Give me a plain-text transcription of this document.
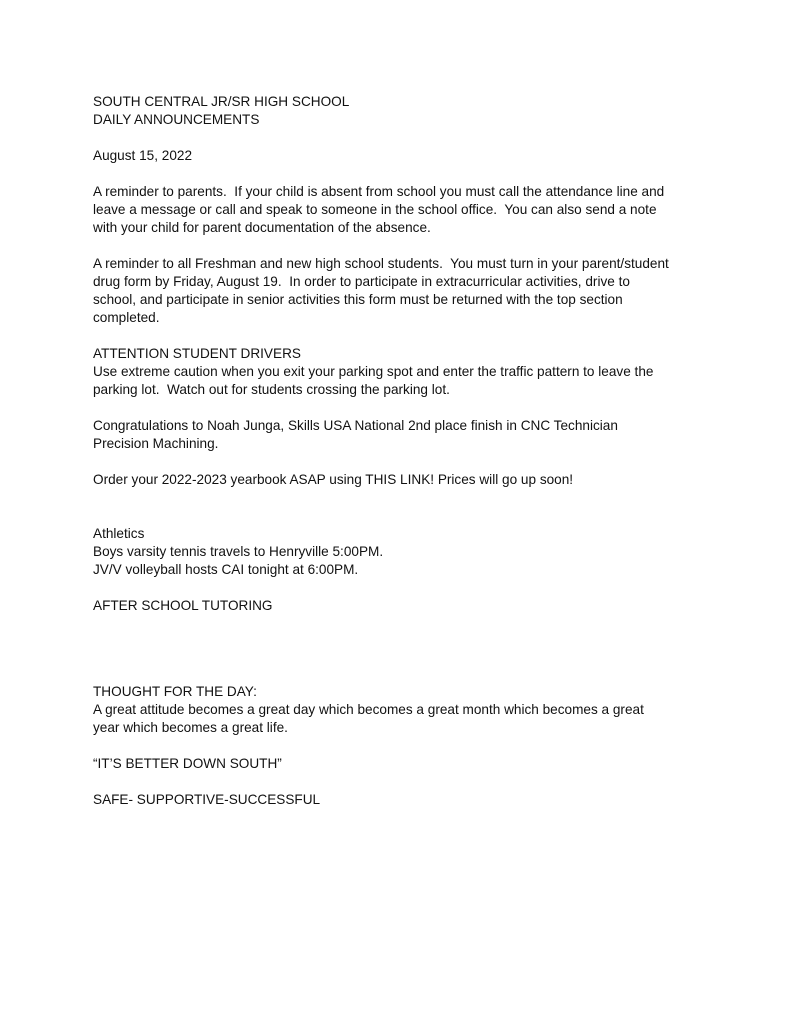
SOUTH CENTRAL JR/SR HIGH SCHOOL
DAILY ANNOUNCEMENTS
August 15, 2022
A reminder to parents.  If your child is absent from school you must call the attendance line and
leave a message or call and speak to someone in the school office.  You can also send a note
with your child for parent documentation of the absence.
A reminder to all Freshman and new high school students.  You must turn in your parent/student
drug form by Friday, August 19.  In order to participate in extracurricular activities, drive to
school, and participate in senior activities this form must be returned with the top section
completed.
ATTENTION STUDENT DRIVERS
Use extreme caution when you exit your parking spot and enter the traffic pattern to leave the
parking lot.  Watch out for students crossing the parking lot.
Congratulations to Noah Junga, Skills USA National 2nd place finish in CNC Technician
Precision Machining.
Order your 2022-2023 yearbook ASAP using THIS LINK! Prices will go up soon!
Athletics
Boys varsity tennis travels to Henryville 5:00PM.
JV/V volleyball hosts CAI tonight at 6:00PM.
AFTER SCHOOL TUTORING
THOUGHT FOR THE DAY:
A great attitude becomes a great day which becomes a great month which becomes a great
year which becomes a great life.
“IT’S BETTER DOWN SOUTH”
SAFE- SUPPORTIVE-SUCCESSFUL
